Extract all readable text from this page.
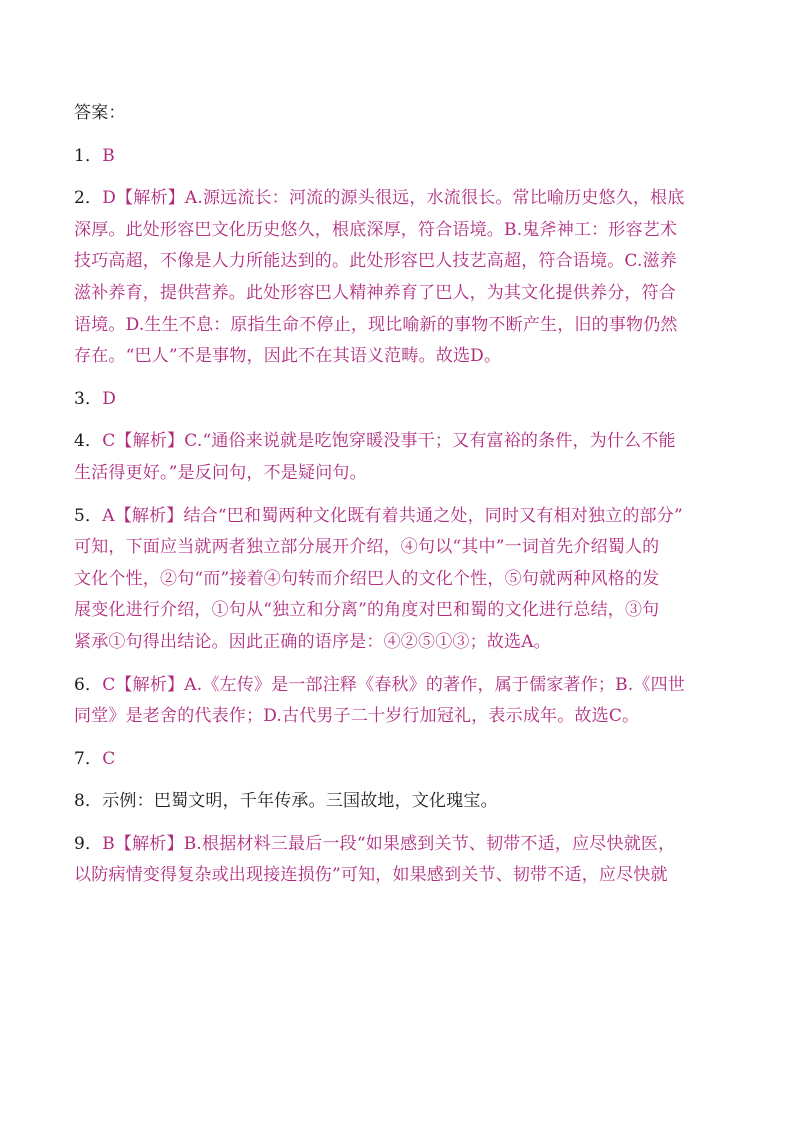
答案：

1．B

2．D【解析】A.源远流长：河流的源头很远，水流很长。常比喻历史悠久，根底

深厚。此处形容巴文化历史悠久，根底深厚，符合语境。B.鬼斧神工：形容艺术

技巧高超，不像是人力所能达到的。此处形容巴人技艺高超，符合语境。C.滋养

滋补养育，提供营养。此处形容巴人精神养育了巴人，为其文化提供养分，符合

语境。D.生生不息：原指生命不停止，现比喻新的事物不断产生，旧的事物仍然

存在。“巴人”不是事物，因此不在其语义范畴。故选D。

3．D

4．C【解析】C.“通俗来说就是吃饱穿暖没事干；又有富裕的条件，为什么不能

生活得更好。”是反问句，不是疑问句。

5．A【解析】结合“巴和蜀两种文化既有着共通之处，同时又有相对独立的部分”

可知，下面应当就两者独立部分展开介绍，④句以“其中”一词首先介绍蜀人的

文化个性，②句“而”接着④句转而介绍巴人的文化个性，⑤句就两种风格的发

展变化进行介绍，①句从“独立和分离”的角度对巴和蜀的文化进行总结，③句

紧承①句得出结论。因此正确的语序是：④②⑤①③；故选A。

6．C【解析】A.《左传》是一部注释《春秋》的著作，属于儒家著作；B.《四世

同堂》是老舍的代表作；D.古代男子二十岁行加冠礼，表示成年。故选C。

7．C

8．示例：巴蜀文明，千年传承。三国故地，文化瑰宝。

9．B【解析】B.根据材料三最后一段“如果感到关节、韧带不适，应尽快就医，

以防病情变得复杂或出现接连损伤”可知，如果感到关节、韧带不适，应尽快就
